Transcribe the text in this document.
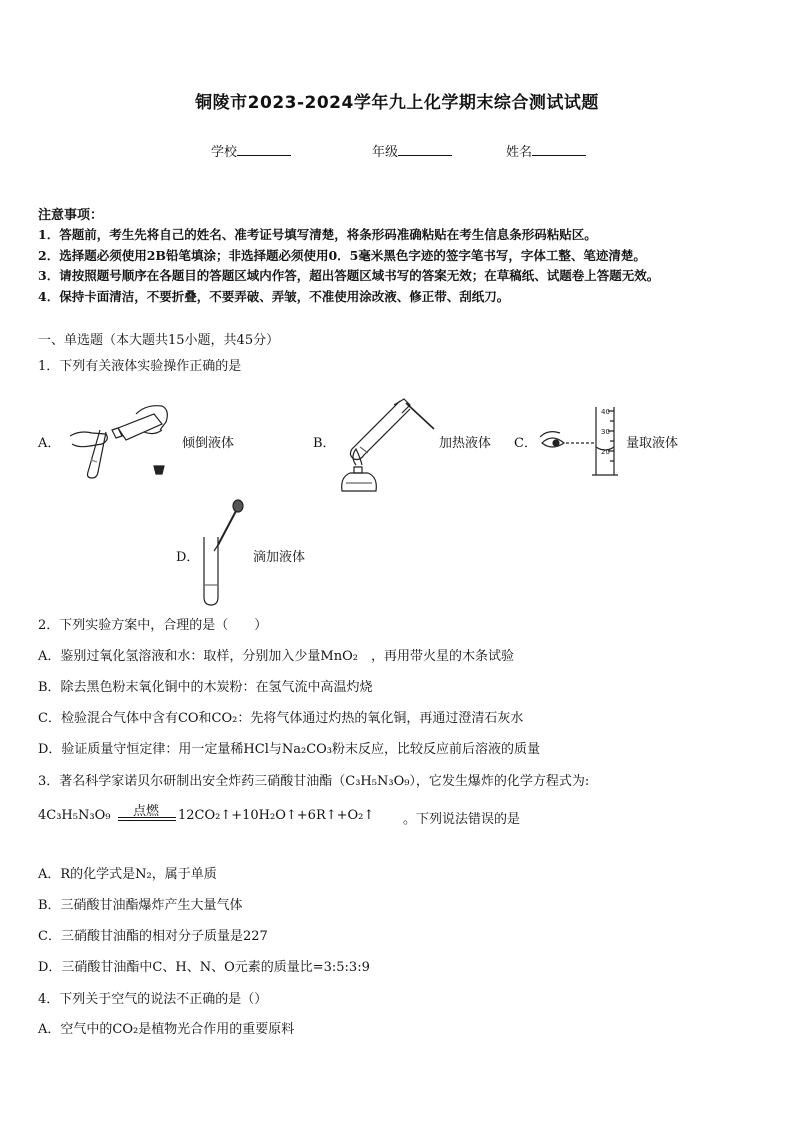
铜陵市2023-2024学年九上化学期末综合测试试题
学校	年级	姓名
注意事项：
1．答题前，考生先将自己的姓名、准考证号填写清楚，将条形码准确粘贴在考生信息条形码粘贴区。
2．选择题必须使用2B铅笔填涂；非选择题必须使用0．5毫米黑色字迹的签字笔书写，字体工整、笔迹清楚。
3．请按照题号顺序在各题目的答题区域内作答，超出答题区域书写的答案无效；在草稿纸、试题卷上答题无效。
4．保持卡面清洁，不要折叠，不要弄破、弄皱，不准使用涂改液、修正带、刮纸刀。
一、单选题（本大题共15小题，共45分）
1．下列有关液体实验操作正确的是
A．	倾倒液体	B．	加热液体 C．
40
30
20
量取液体
D．	滴加液体
2．下列实验方案中，合理的是（　　）
A．鉴别过氧化氢溶液和水：取样，分别加入少量MnO₂　，再用带火星的木条试验
B．除去黑色粉末氧化铜中的木炭粉：在氢气流中高温灼烧
C．检验混合气体中含有CO和CO₂：先将气体通过灼热的氧化铜，再通过澄清石灰水
D．验证质量守恒定律：用一定量稀HCl与Na₂CO₃粉末反应，比较反应前后溶液的质量
3．著名科学家诺贝尔研制出安全炸药三硝酸甘油酯（C₃H₅N₃O₉），它发生爆炸的化学方程式为:
4C₃H₅N₃O₉ 点燃 12CO₂↑+10H₂O↑+6R↑+O₂↑ 。下列说法错误的是
A．R的化学式是N₂，属于单质
B．三硝酸甘油酯爆炸产生大量气体
C．三硝酸甘油酯的相对分子质量是227
D．三硝酸甘油酯中C、H、N、O元素的质量比=3:5:3:9
4．下列关于空气的说法不正确的是（）
A．空气中的CO₂是植物光合作用的重要原料
